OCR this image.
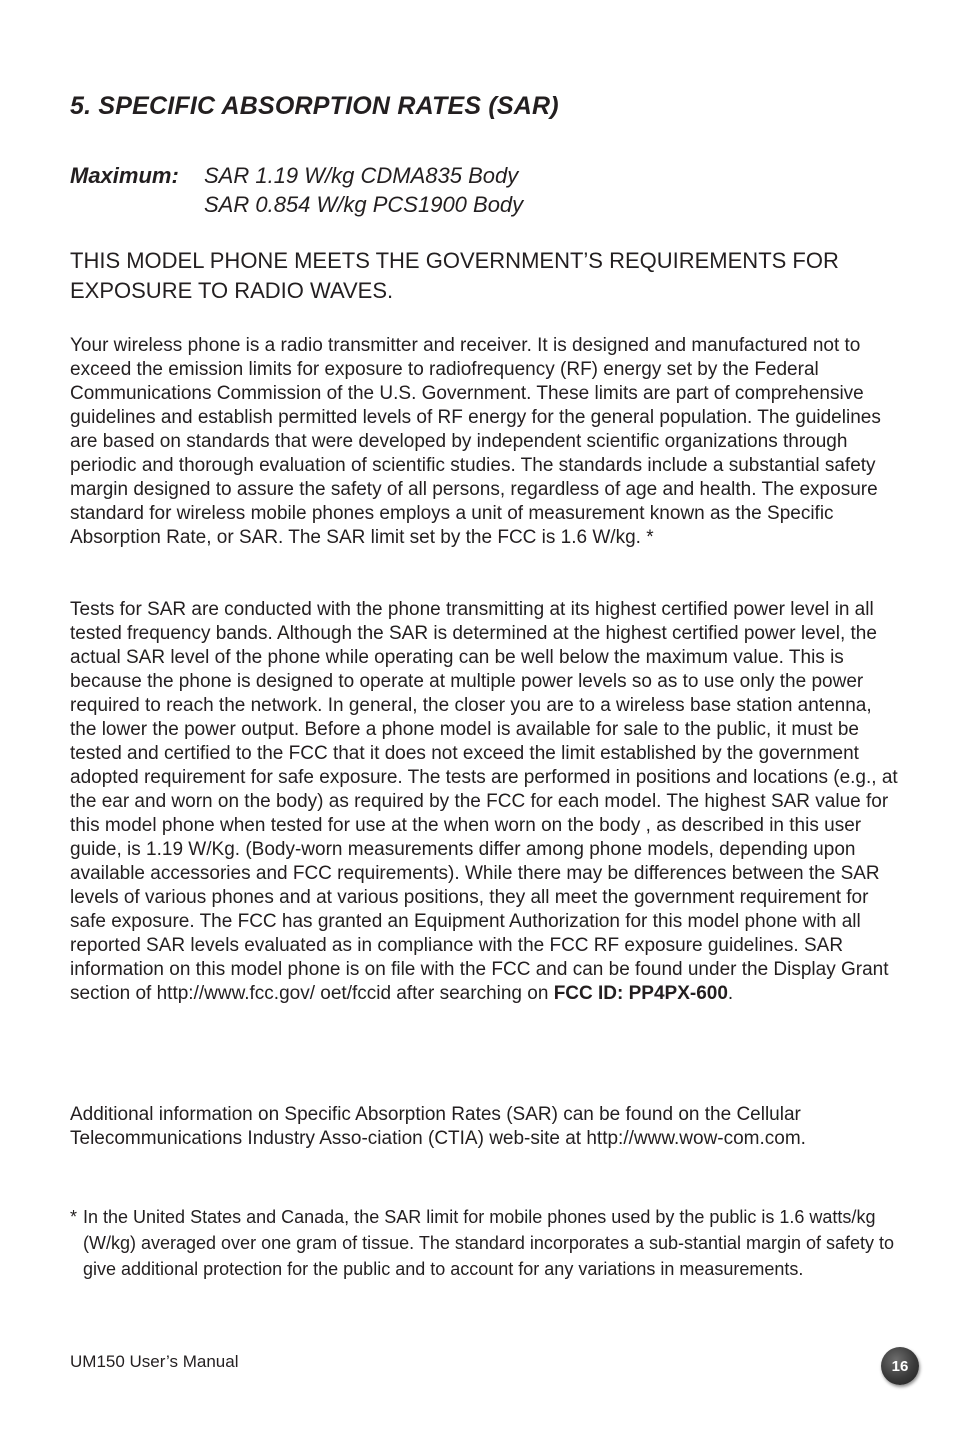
5. SPECIFIC ABSORPTION RATES (SAR)
Maximum: SAR 1.19 W/kg CDMA835 Body
SAR 0.854 W/kg PCS1900 Body

THIS MODEL PHONE MEETS THE GOVERNMENT’S REQUIREMENTS FOR EXPOSURE TO RADIO WAVES.

Your wireless phone is a radio transmitter and receiver. It is designed and manufactured not to exceed the emission limits for exposure to radiofrequency (RF) energy set by the Federal Communications Commission of the U.S. Government. These limits are part of comprehensive guidelines and establish permitted levels of RF energy for the general population. The guidelines are based on standards that were developed by independent scientific organizations through periodic and thorough evaluation of scientific studies. The standards include a substantial safety margin designed to assure the safety of all persons, regardless of age and health. The exposure standard for wireless mobile phones employs a unit of measurement known as the Specific Absorption Rate, or SAR. The SAR limit set by the FCC is 1.6 W/kg. *

Tests for SAR are conducted with the phone transmitting at its highest certified power level in all tested frequency bands. Although the SAR is determined at the highest certified power level, the actual SAR level of the phone while operating can be well below the maximum value. This is because the phone is designed to operate at multiple power levels so as to use only the power required to reach the network. In general, the closer you are to a wireless base station antenna, the lower the power output. Before a phone model is available for sale to the public, it must be tested and certified to the FCC that it does not exceed the limit established by the government adopted requirement for safe exposure. The tests are performed in positions and locations (e.g., at the ear and worn on the body) as required by the FCC for each model. The highest SAR value for this model phone when tested for use at the when worn on the body , as described in this user guide, is 1.19 W/Kg. (Body-worn measurements differ among phone models, depending upon available accessories and FCC requirements). While there may be differences between the SAR levels of various phones and at various positions, they all meet the government requirement for safe exposure. The FCC has granted an Equipment Authorization for this model phone with all reported SAR levels evaluated as in compliance with the FCC RF exposure guidelines. SAR information on this model phone is on file with the FCC and can be found under the Display Grant section of http://www.fcc.gov/ oet/fccid after searching on FCC ID: PP4PX-600.

Additional information on Specific Absorption Rates (SAR) can be found on the Cellular Telecommunications Industry Asso-ciation (CTIA) web-site at http://www.wow-com.com.

* In the United States and Canada, the SAR limit for mobile phones used by the public is 1.6 watts/kg (W/kg) averaged over one gram of tissue. The standard incorporates a sub-stantial margin of safety to give additional protection for the public and to account for any variations in measurements.
UM150 User’s Manual	16
